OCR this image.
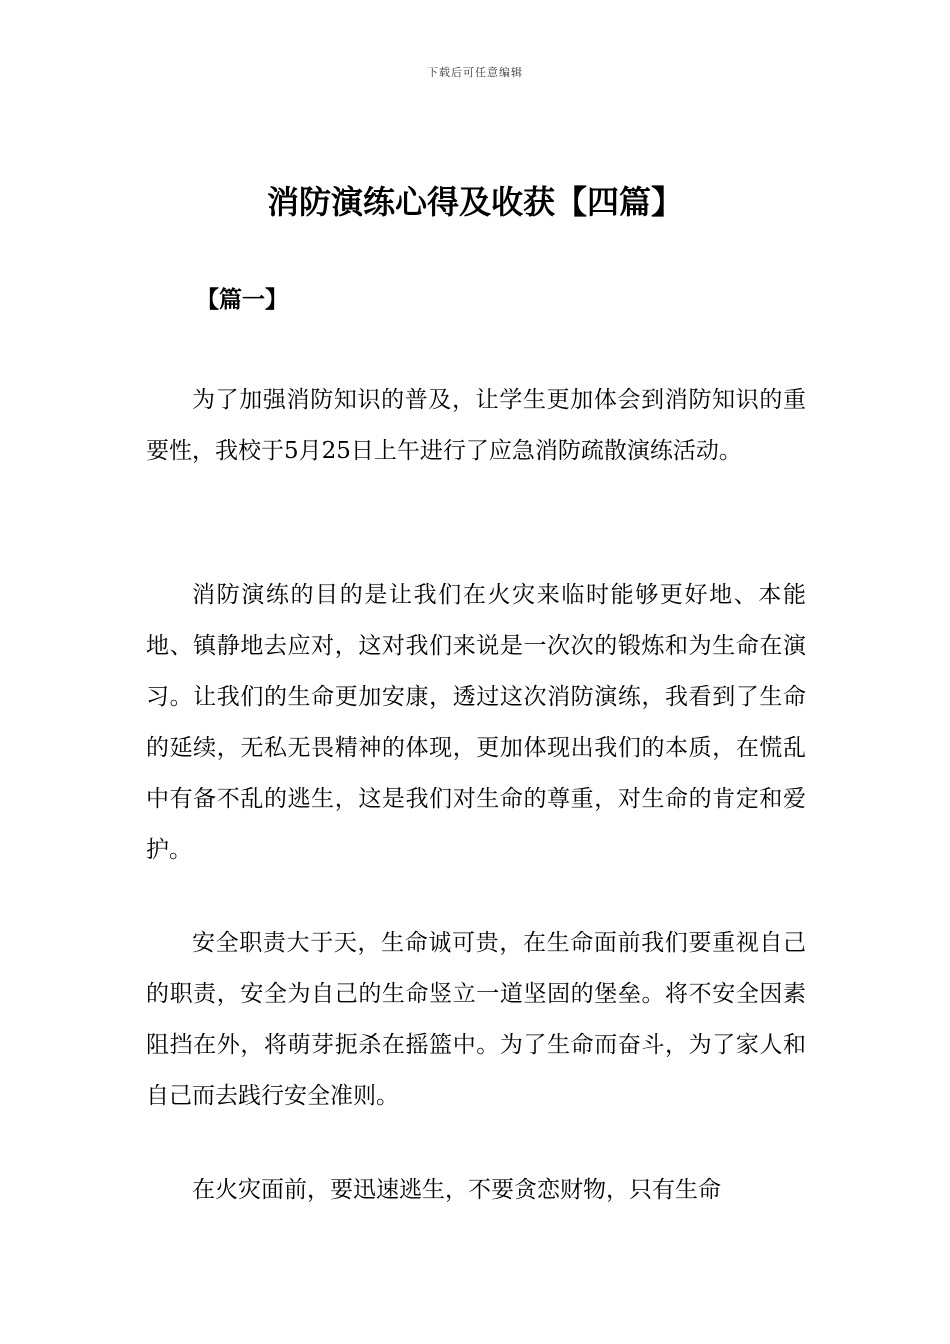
下载后可任意编辑
消防演练心得及收获【四篇】
【篇一】

为了加强消防知识的普及，让学生更加体会到消防知识的重要性，我校于5月25日上午进行了应急消防疏散演练活动。

消防演练的目的是让我们在火灾来临时能够更好地、本能地、镇静地去应对，这对我们来说是一次次的锻炼和为生命在演习。让我们的生命更加安康，透过这次消防演练，我看到了生命的延续，无私无畏精神的体现，更加体现出我们的本质，在慌乱中有备不乱的逃生，这是我们对生命的尊重，对生命的肯定和爱护。

安全职责大于天，生命诚可贵，在生命面前我们要重视自己的职责，安全为自己的生命竖立一道坚固的堡垒。将不安全因素阻挡在外，将萌芽扼杀在摇篮中。为了生命而奋斗，为了家人和自己而去践行安全准则。

在火灾面前，要迅速逃生，不要贪恋财物，只有生命
